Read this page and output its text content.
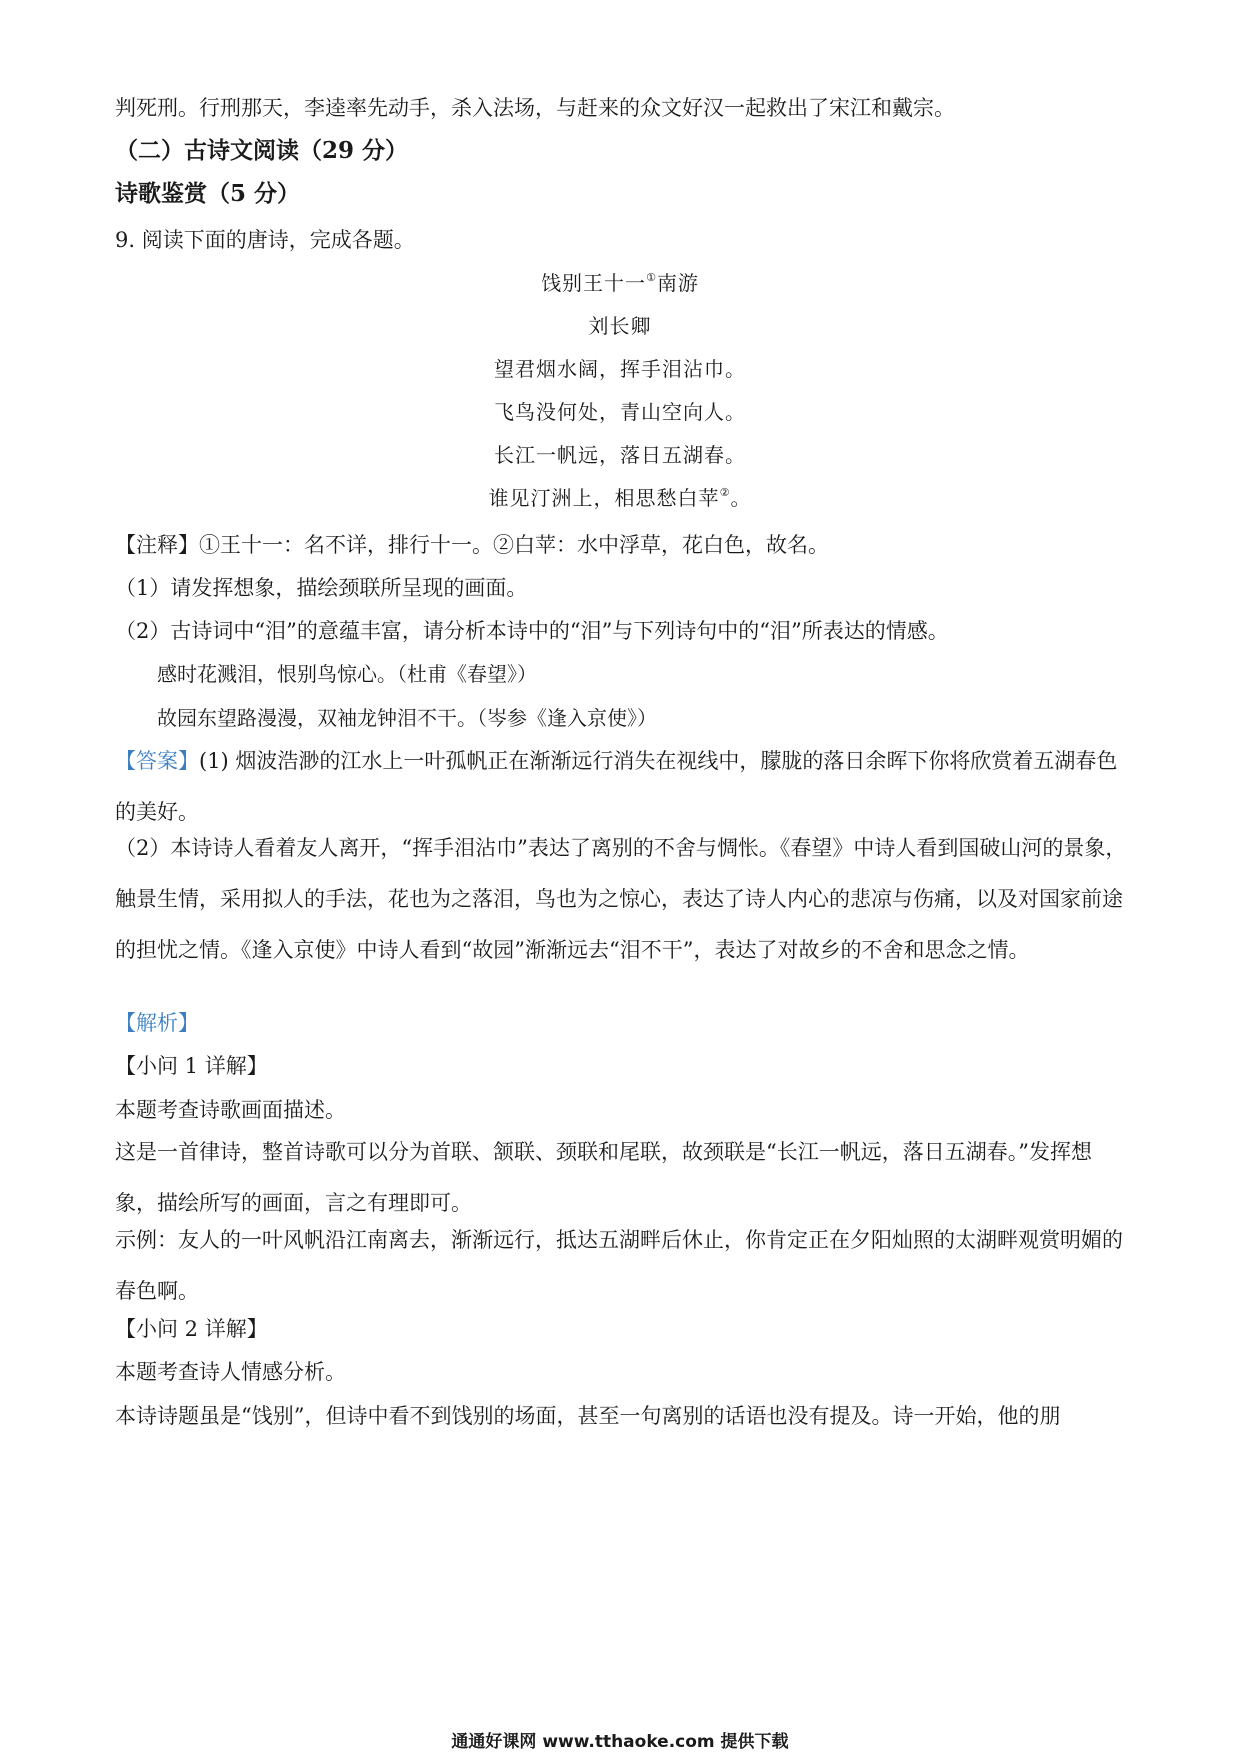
判死刑。行刑那天，李逵率先动手，杀入法场，与赶来的众文好汉一起救出了宋江和戴宗。
（二）古诗文阅读（29 分）
诗歌鉴赏（5 分）
9. 阅读下面的唐诗，完成各题。
饯别王十一①南游
刘长卿
望君烟水阔，挥手泪沾巾。
飞鸟没何处，青山空向人。
长江一帆远，落日五湖春。
谁见汀洲上，相思愁白苹②。
【注释】①王十一：名不详，排行十一。②白苹：水中浮草，花白色，故名。
（1）请发挥想象，描绘颈联所呈现的画面。
（2）古诗词中“泪”的意蕴丰富，请分析本诗中的“泪”与下列诗句中的“泪”所表达的情感。
感时花溅泪，恨别鸟惊心。（杜甫《春望》）
故园东望路漫漫，双袖龙钟泪不干。（岑参《逢入京使》）
【答案】(1) 烟波浩渺的江水上一叶孤帆正在渐渐远行消失在视线中，朦胧的落日余晖下你将欣赏着五湖春色的美好。
（2）本诗诗人看着友人离开，“挥手泪沾巾”表达了离别的不舍与惆怅。《春望》中诗人看到国破山河的景象，触景生情，采用拟人的手法，花也为之落泪，鸟也为之惊心，表达了诗人内心的悲凉与伤痛，以及对国家前途的担忧之情。《逢入京使》中诗人看到“故园”渐渐远去“泪不干”，表达了对故乡的不舍和思念之情。
【解析】
【小问 1 详解】
本题考查诗歌画面描述。
这是一首律诗，整首诗歌可以分为首联、颔联、颈联和尾联，故颈联是“长江一帆远，落日五湖春。”发挥想象，描绘所写的画面，言之有理即可。
示例：友人的一叶风帆沿江南离去，渐渐远行，抵达五湖畔后休止，你肯定正在夕阳灿照的太湖畔观赏明媚的春色啊。
【小问 2 详解】
本题考查诗人情感分析。
本诗诗题虽是“饯别”，但诗中看不到饯别的场面，甚至一句离别的话语也没有提及。诗一开始，他的朋
通通好课网 www.tthaoke.com 提供下载
